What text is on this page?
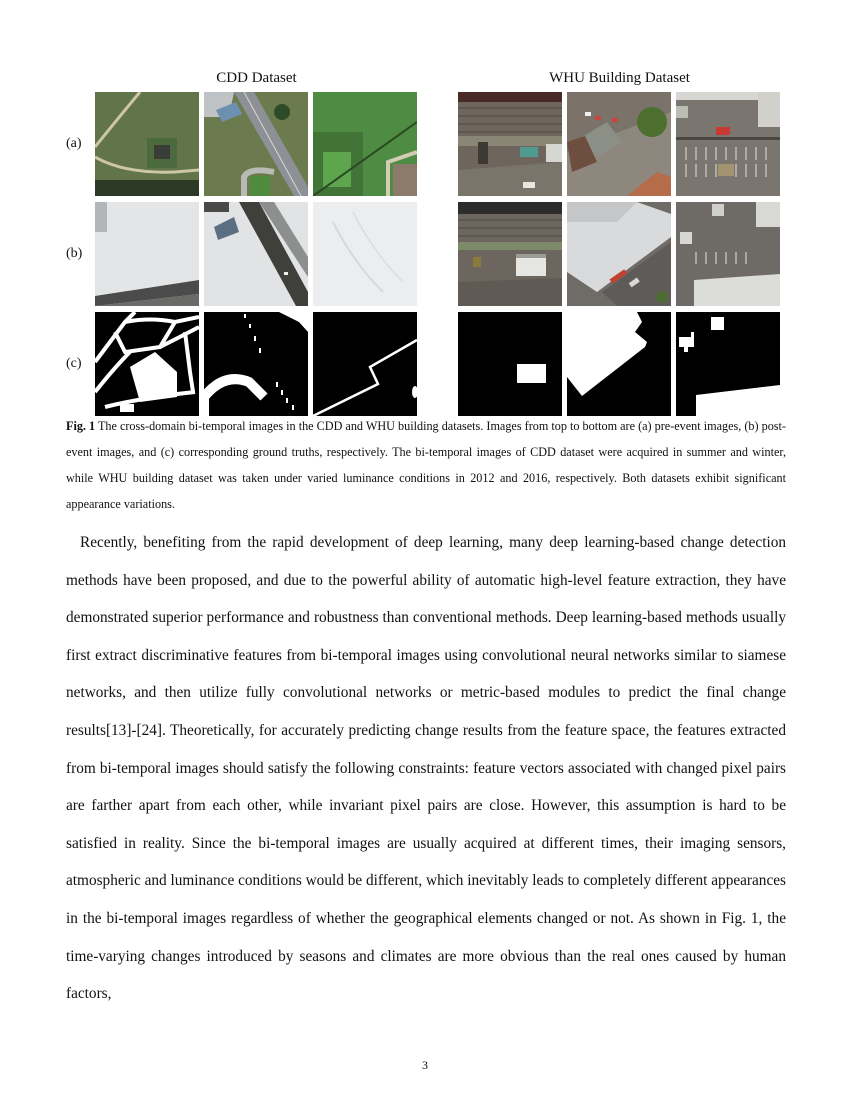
CDD Dataset	WHU Building Dataset
(a)
(b)
(c)
Fig. 1 The cross-domain bi-temporal images in the CDD and WHU building datasets. Images from top to bottom are (a) pre-event images, (b) post-event images, and (c) corresponding ground truths, respectively. The bi-temporal images of CDD dataset were acquired in summer and winter, while WHU building dataset was taken under varied luminance conditions in 2012 and 2016, respectively. Both datasets exhibit significant appearance variations.

Recently, benefiting from the rapid development of deep learning, many deep learning-based change detection methods have been proposed, and due to the powerful ability of automatic high-level feature extraction, they have demonstrated superior performance and robustness than conventional methods. Deep learning-based methods usually first extract discriminative features from bi-temporal images using convolutional neural networks similar to siamese networks, and then utilize fully convolutional networks or metric-based modules to predict the final change results[13]-[24]. Theoretically, for accurately predicting change results from the feature space, the features extracted from bi-temporal images should satisfy the following constraints: feature vectors associated with changed pixel pairs are farther apart from each other, while invariant pixel pairs are close. However, this assumption is hard to be satisfied in reality. Since the bi-temporal images are usually acquired at different times, their imaging sensors, atmospheric and luminance conditions would be different, which inevitably leads to completely different appearances in the bi-temporal images regardless of whether the geographical elements changed or not. As shown in Fig. 1, the time-varying changes introduced by seasons and climates are more obvious than the real ones caused by human factors,

3
